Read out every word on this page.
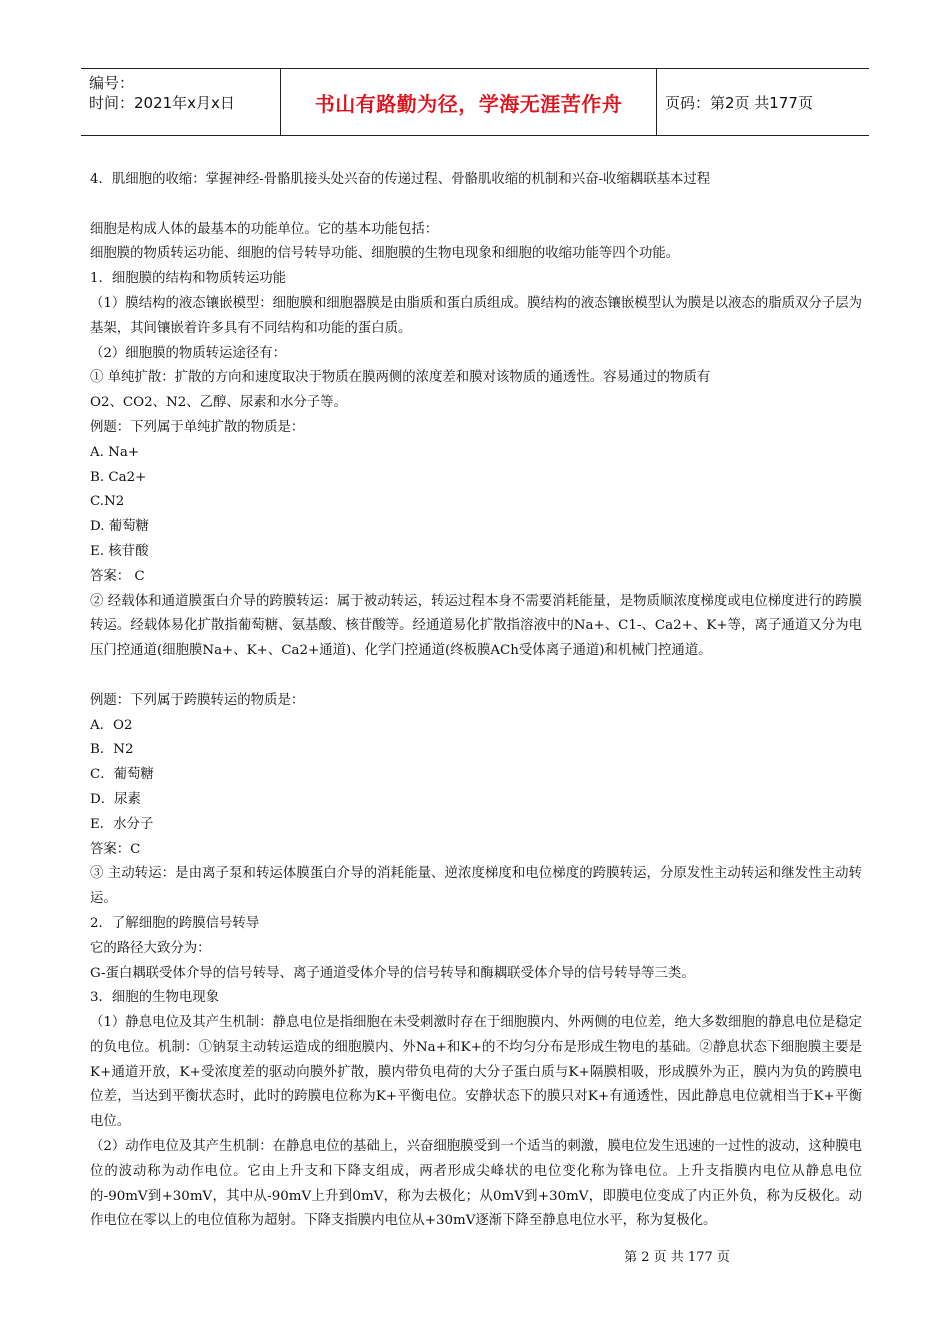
编号：
时间：2021年x月x日	书山有路勤为径，学海无涯苦作舟	页码：第2页 共177页

4．肌细胞的收缩：掌握神经-骨骼肌接头处兴奋的传递过程、骨骼肌收缩的机制和兴奋-收缩耦联基本过程

细胞是构成人体的最基本的功能单位。它的基本功能包括：

细胞膜的物质转运功能、细胞的信号转导功能、细胞膜的生物电现象和细胞的收缩功能等四个功能。

1．细胞膜的结构和物质转运功能

（1）膜结构的液态镶嵌模型：细胞膜和细胞器膜是由脂质和蛋白质组成。膜结构的液态镶嵌模型认为膜是以液态的脂质双分子层为基架，其间镶嵌着许多具有不同结构和功能的蛋白质。

（2）细胞膜的物质转运途径有：

① 单纯扩散：扩散的方向和速度取决于物质在膜两侧的浓度差和膜对该物质的通透性。容易通过的物质有

O2、CO2、N2、乙醇、尿素和水分子等。

例题：下列属于单纯扩散的物质是：

A. Na+

B. Ca2+

C.N2

D. 葡萄糖

E. 核苷酸

答案： C

② 经载体和通道膜蛋白介导的跨膜转运：属于被动转运，转运过程本身不需要消耗能量，是物质顺浓度梯度或电位梯度进行的跨膜转运。经载体易化扩散指葡萄糖、氨基酸、核苷酸等。经通道易化扩散指溶液中的Na+、C1-、Ca2+、K+等，离子通道又分为电压门控通道(细胞膜Na+、K+、Ca2+通道)、化学门控通道(终板膜ACh受体离子通道)和机械门控通道。

例题：下列属于跨膜转运的物质是：

A．O2

B．N2

C．葡萄糖

D．尿素

E．水分子

答案：C

③ 主动转运：是由离子泵和转运体膜蛋白介导的消耗能量、逆浓度梯度和电位梯度的跨膜转运，分原发性主动转运和继发性主动转运。

2．了解细胞的跨膜信号转导

它的路径大致分为：

G-蛋白耦联受体介导的信号转导、离子通道受体介导的信号转导和酶耦联受体介导的信号转导等三类。

3．细胞的生物电现象

（1）静息电位及其产生机制：静息电位是指细胞在未受刺激时存在于细胞膜内、外两侧的电位差，绝大多数细胞的静息电位是稳定的负电位。机制：①钠泵主动转运造成的细胞膜内、外Na+和K+的不均匀分布是形成生物电的基础。②静息状态下细胞膜主要是K+通道开放，K+受浓度差的驱动向膜外扩散，膜内带负电荷的大分子蛋白质与K+隔膜相吸，形成膜外为正，膜内为负的跨膜电位差，当达到平衡状态时，此时的跨膜电位称为K+平衡电位。安静状态下的膜只对K+有通透性，因此静息电位就相当于K+平衡电位。

（2）动作电位及其产生机制：在静息电位的基础上，兴奋细胞膜受到一个适当的刺激，膜电位发生迅速的一过性的波动，这种膜电位的波动称为动作电位。它由上升支和下降支组成，两者形成尖峰状的电位变化称为锋电位。上升支指膜内电位从静息电位的-90mV到+30mV，其中从-90mV上升到0mV，称为去极化；从0mV到+30mV，即膜电位变成了内正外负，称为反极化。动作电位在零以上的电位值称为超射。下降支指膜内电位从+30mV逐渐下降至静息电位水平，称为复极化。

第 2 页 共 177 页
